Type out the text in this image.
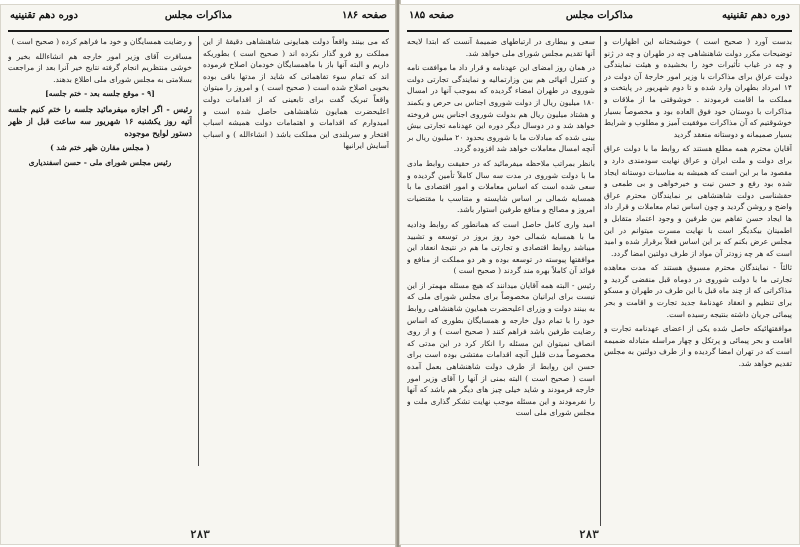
صفحه ۱۸۶
مذاکرات مجلس
دوره دهم تقنینیه

که می بینند واقعاً دولت همایونی شاهنشاهی دقیقهٔ از این مملکت رو فرو گذار نکرده اند ( صحیح است ) بطوریکه داریم و البته آنها باز با ماهمسایگان خودمان اصلاح فرموده اند که تمام سوء تفاهماتی که شاید از مدتها باقی بوده بخوبی اصلاح شده است ( صحیح است ) و امروز را میتوان واقعاً تبریک گفت برای تابعینی که از اقدامات دولت اعلیحضرت همایون شاهنشاهی حاصل شده است و امیدوارم که اقدامات و اهتمامات دولت همیشه اسباب افتخار و سربلندی این مملکت باشد ( انشاءالله ) و اسباب آسایش ایرانیها

و رضایت همسایگان و خود ما فراهم کرده ( صحیح است )

مسافرت آقای وزیر امور خارجه هم انشاءالله بخیر و خوشی منتظریم انجام گرفته نتایج خیر آنرا بعد از مراجعت بسلامتی به مجلس شورای ملی اطلاع بدهند.

[۹ - موقع جلسه بعد - ختم جلسه]

رئیس - اگر اجازه میفرمائید جلسه را ختم کنیم جلسه آتیه روز یکشنبه ۱۶ شهریور سه ساعت قبل از ظهر دستور لوایح موجوده

( مجلس مقارن ظهر ختم شد )

رئیس مجلس شورای ملی - حسن اسفندیاری

۲۸۳
دوره دهم تقنینیه
مذاکرات مجلس
صفحه ۱۸۵

بدست آورد ( صحیح است ) خوشبختانه این اظهارات و توضیحات مکرر دولت شاهنشاهی چه در طهران و چه در ژنو و چه در غیاب تأثیرات خود را بخشیده و هیئت نمایندگی دولت عراق برای مذاکرات با وزیر امور خارجهٔ آن دولت در ۱۴ امرداد بطهران وارد شده و تا دوم شهریور در پایتخت و مملکت ما اقامت فرمودند . خوشوقتی ما از ملاقات و مذاکرات با دوستان خود فوق العاده بود و مخصوصاً بسیار خوشوقتیم که آن مذاکرات موفقیت آمیز و مطلوب و شرایط بسیار صمیمانه و دوستانه منعقد گردید

آقایان محترم همه مطلع هستند که روابط ما با دولت عراق برای دولت و ملت ایران و عراق نهایت سودمندی دارد و مقصود ما بر این است که همیشه به مناسبات دوستانه ایجاد شده بود رفع و حسن نیت و خیرخواهی و بی طمعی و حقشناسی دولت شاهنشاهی بر نمایندگان محترم عراق واضح و روشن گردید و چون اساس تمام معاملات و قرار داد ها ایجاد حسن تفاهم بین طرفین و وجود اعتماد متقابل و اطمینان بیکدیگر است با نهایت مسرت میتوانم در این مجلس عرض بکنم که بر این اساس فعلاً برقرار شده و امید است که هر چه زودتر آن مواد از طرف دولتین امضا گردد.

ثالثاً - نمایندگان محترم مسبوق هستند که مدت معاهده تجارتی ما با دولت شوروی در دوماه قبل منقضی گردید و مذاکراتی که از چند ماه قبل با این طرف در طهران و مسکو برای تنظیم و انعقاد عهدنامهٔ جدید تجارت و اقامت و بحر پیمائی جریان داشته بنتیجه رسیده است.

موافقتهائیکه حاصل شده یکی از اعضای عهدنامه تجارت و اقامت و بحر پیمائی و پرتکل و چهار مراسله متبادله ضمیمه است که در تهران امضا گردیده و از طرف دولتین به مجلس تقدیم خواهد شد.

سعی و بیطاری در ارتباطهای ضمیمهٔ آنست که ابتدا لایحه آنها تقدیم مجلس شورای ملی خواهد شد.

در همان روز امضای این عهدنامه و قرار داد ما موافقت نامه و کنترل اتهائی هم بین وزارتمالیه و نمایندگی تجارتی دولت شوروی در طهران امضاء گردیده که بموجب آنها در امسال ۱۸۰ میلیون ریال از دولت شوروی اجناس بی حرص و بکمند و هشتاد میلیون ریال هم بدولت شوروی اجناس یس فروخته خواهد شد و در دوسال دیگر دوره این عهدنامه تجارتی بیش بینی شده که مبادلات ما با شوروی بحدود ۲۰ میلیون ریال بر آنچه امسال معاملات خواهد شد افزوده گردد.

بانظر بمراتب ملاحظه میفرمائید که در حقیقت روابط مادی ما با دولت شوروی در مدت سه سال کاملاً تأمین گردیده و سعی شده است که اساس معاملات و امور اقتصادی ما با همسایه شمالی بر اساس شایسته و متناسب با مقتضیات امروز و مصالح و منافع طرفین استوار باشد.

امید واری کامل حاصل است که همانطور که روابط ودادیه ما با همسایه شمالی خود روز بروز در توسعه و تشیید میباشد روابط اقتصادی و تجارتی ما هم در نتیجهٔ انعقاد این موافقتها پیوسته در توسعه بوده و هر دو مملکت از منافع و فوائد آن کاملاً بهره مند گردند ( صحیح است )

رئیس - البته همه آقایان میدانند که هیچ مسئله مهمتر از این نیست برای ایرانیان مخصوصاً برای مجلس شورای ملی که به بینند دولت و وزرای اعلیحضرت همایون شاهنشاهی روابط خود را با تمام دول خارجه و همسایگان بطوری که اساس رضایت طرفین باشد فراهم کنند ( صحیح است ) و از روی انصاف نمیتوان این مسئله را انکار کرد در این مدتی که مخصوصاً مدت قلیل آنچه اقدامات مفتشی بوده است برای حسن این روابط از طرف دولت شاهنشاهی بعمل آمده است ( صحیح است ) البته بمنی از آنها را آقای وزیر امور خارجه فرمودند و شاید خیلی چیز های دیگر هم باشد که آنها را نفرمودند و این مسئله موجب نهایت تشکر گذاری ملت و مجلس شورای ملی است

۲۸۳
